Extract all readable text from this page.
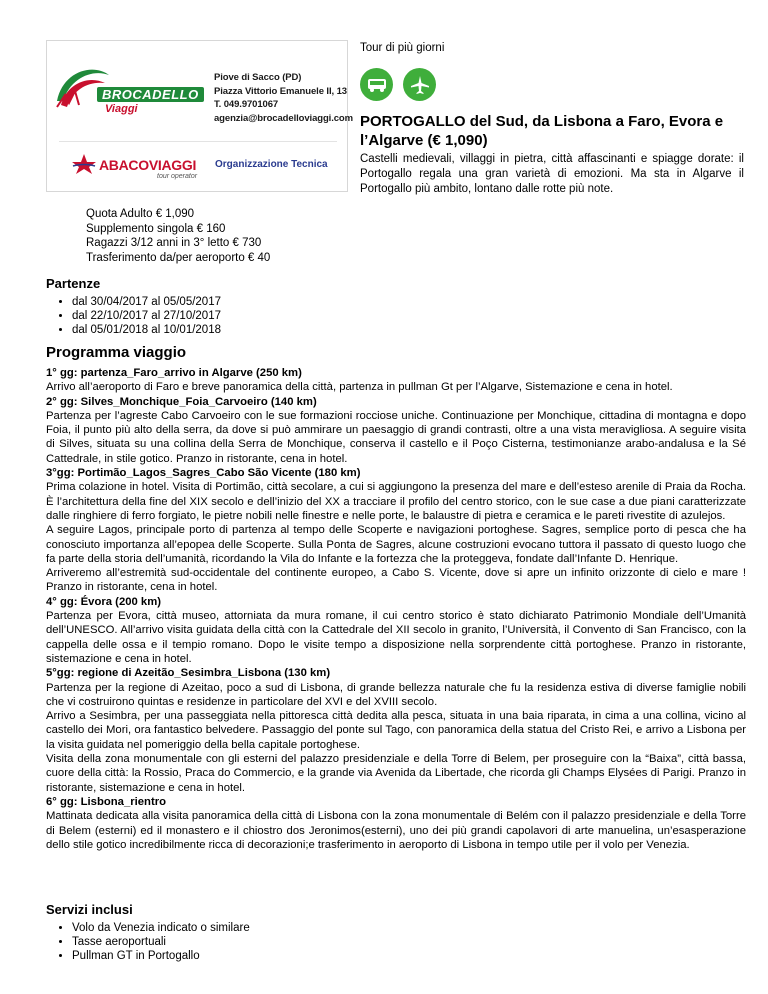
BROCADELLO
Viaggi
Piove di Sacco (PD)
Piazza Vittorio Emanuele II, 13
T. 049.9701067
agenzia@brocadelloviaggi.com
ABACOVIAGGI
tour operator
Organizzazione Tecnica
Tour di più giorni
PORTOGALLO del Sud, da Lisbona a Faro, Evora e l’Algarve (€ 1,090)
Castelli medievali, villaggi in pietra, città affascinanti e spiagge dorate: il Portogallo regala una gran varietà di emozioni. Ma sta in Algarve il Portogallo più ambito, lontano dalle rotte più note.
Quota Adulto € 1,090
Supplemento singola € 160
Ragazzi 3/12 anni in 3° letto € 730
Trasferimento da/per aeroporto € 40
Partenze
• dal 30/04/2017 al 05/05/2017
• dal 22/10/2017 al 27/10/2017
• dal 05/01/2018 al 10/01/2018
Programma viaggio
1° gg: partenza_Faro_arrivo in Algarve (250 km)

Arrivo all’aeroporto di Faro e breve panoramica della città, partenza in pullman Gt per l’Algarve, Sistemazione e cena in hotel.

2° gg: Silves_Monchique_Foia_Carvoeiro (140 km)

Partenza per l’agreste Cabo Carvoeiro con le sue formazioni rocciose uniche. Continuazione per Monchique, cittadina di montagna e dopo Foia, il punto più alto della serra, da dove si può ammirare un paesaggio di grandi contrasti, oltre a una vista meravigliosa. A seguire visita di Silves, situata su una collina della Serra de Monchique, conserva il castello e il Poço Cisterna, testimonianze arabo-andalusa e la Sé Cattedrale, in stile gotico. Pranzo in ristorante, cena in hotel.

3°gg: Portimão_Lagos_Sagres_Cabo São Vicente (180 km)

Prima colazione in hotel. Visita di Portimão, città secolare, a cui si aggiungono la presenza del mare e dell’esteso arenile di Praia da Rocha. È l’architettura della fine del XIX secolo e dell’inizio del XX a tracciare il profilo del centro storico, con le sue case a due piani caratterizzate dalle ringhiere di ferro forgiato, le pietre nobili nelle finestre e nelle porte, le balaustre di pietra e ceramica e le pareti rivestite di azulejos.

A seguire Lagos, principale porto di partenza al tempo delle Scoperte e navigazioni portoghese. Sagres, semplice porto di pesca che ha conosciuto importanza all’epopea delle Scoperte. Sulla Ponta de Sagres, alcune costruzioni evocano tuttora il passato di questo luogo che fa parte della storia dell’umanità, ricordando la Vila do Infante e la fortezza che la proteggeva, fondate dall’Infante D. Henrique.

Arriveremo all’estremità sud-occidentale del continente europeo, a Cabo S. Vicente, dove si apre un infinito orizzonte di cielo e mare ! Pranzo in ristorante, cena in hotel.

4° gg: Évora (200 km)

Partenza per Evora, città museo, attorniata da mura romane, il cui centro storico è stato dichiarato Patrimonio Mondiale dell’Umanità dell’UNESCO. All’arrivo visita guidata della città con la Cattedrale del XII secolo in granito, l’Università, il Convento di San Francisco, con la cappella delle ossa e il tempio romano. Dopo le visite tempo a disposizione nella sorprendente città portoghese. Pranzo in ristorante, sistemazione e cena in hotel.

5°gg: regione di Azeitão_Sesimbra_Lisbona (130 km)

Partenza per la regione di Azeitao, poco a sud di Lisbona, di grande bellezza naturale che fu la residenza estiva di diverse famiglie nobili che vi costruirono quintas e residenze in particolare del XVI e del XVIII secolo.

Arrivo a Sesimbra, per una passeggiata nella pittoresca città dedita alla pesca, situata in una baia riparata, in cima a una collina, vicino al castello dei Mori, ora fantastico belvedere. Passaggio del ponte sul Tago, con panoramica della statua del Cristo Rei, e arrivo a Lisbona per la visita guidata nel pomeriggio della bella capitale portoghese.

Visita della zona monumentale con gli esterni del palazzo presidenziale e della Torre di Belem, per proseguire con la “Baixa”, città bassa, cuore della città: la Rossio, Praca do Commercio, e la grande via Avenida da Libertade, che ricorda gli Champs Elysées di Parigi. Pranzo in ristorante, sistemazione e cena in hotel.

6° gg: Lisbona_rientro

Mattinata dedicata alla visita panoramica della città di Lisbona con la zona monumentale di Belém con il palazzo presidenziale e della Torre di Belem (esterni) ed il monastero e il chiostro dos Jeronimos(esterni), uno dei più grandi capolavori di arte manuelina, un’esasperazione dello stile gotico incredibilmente ricca di decorazioni;e trasferimento in aeroporto di Lisbona in tempo utile per il volo per Venezia.

Servizi inclusi
• Volo da Venezia indicato o similare
• Tasse aeroportuali
• Pullman GT in Portogallo
